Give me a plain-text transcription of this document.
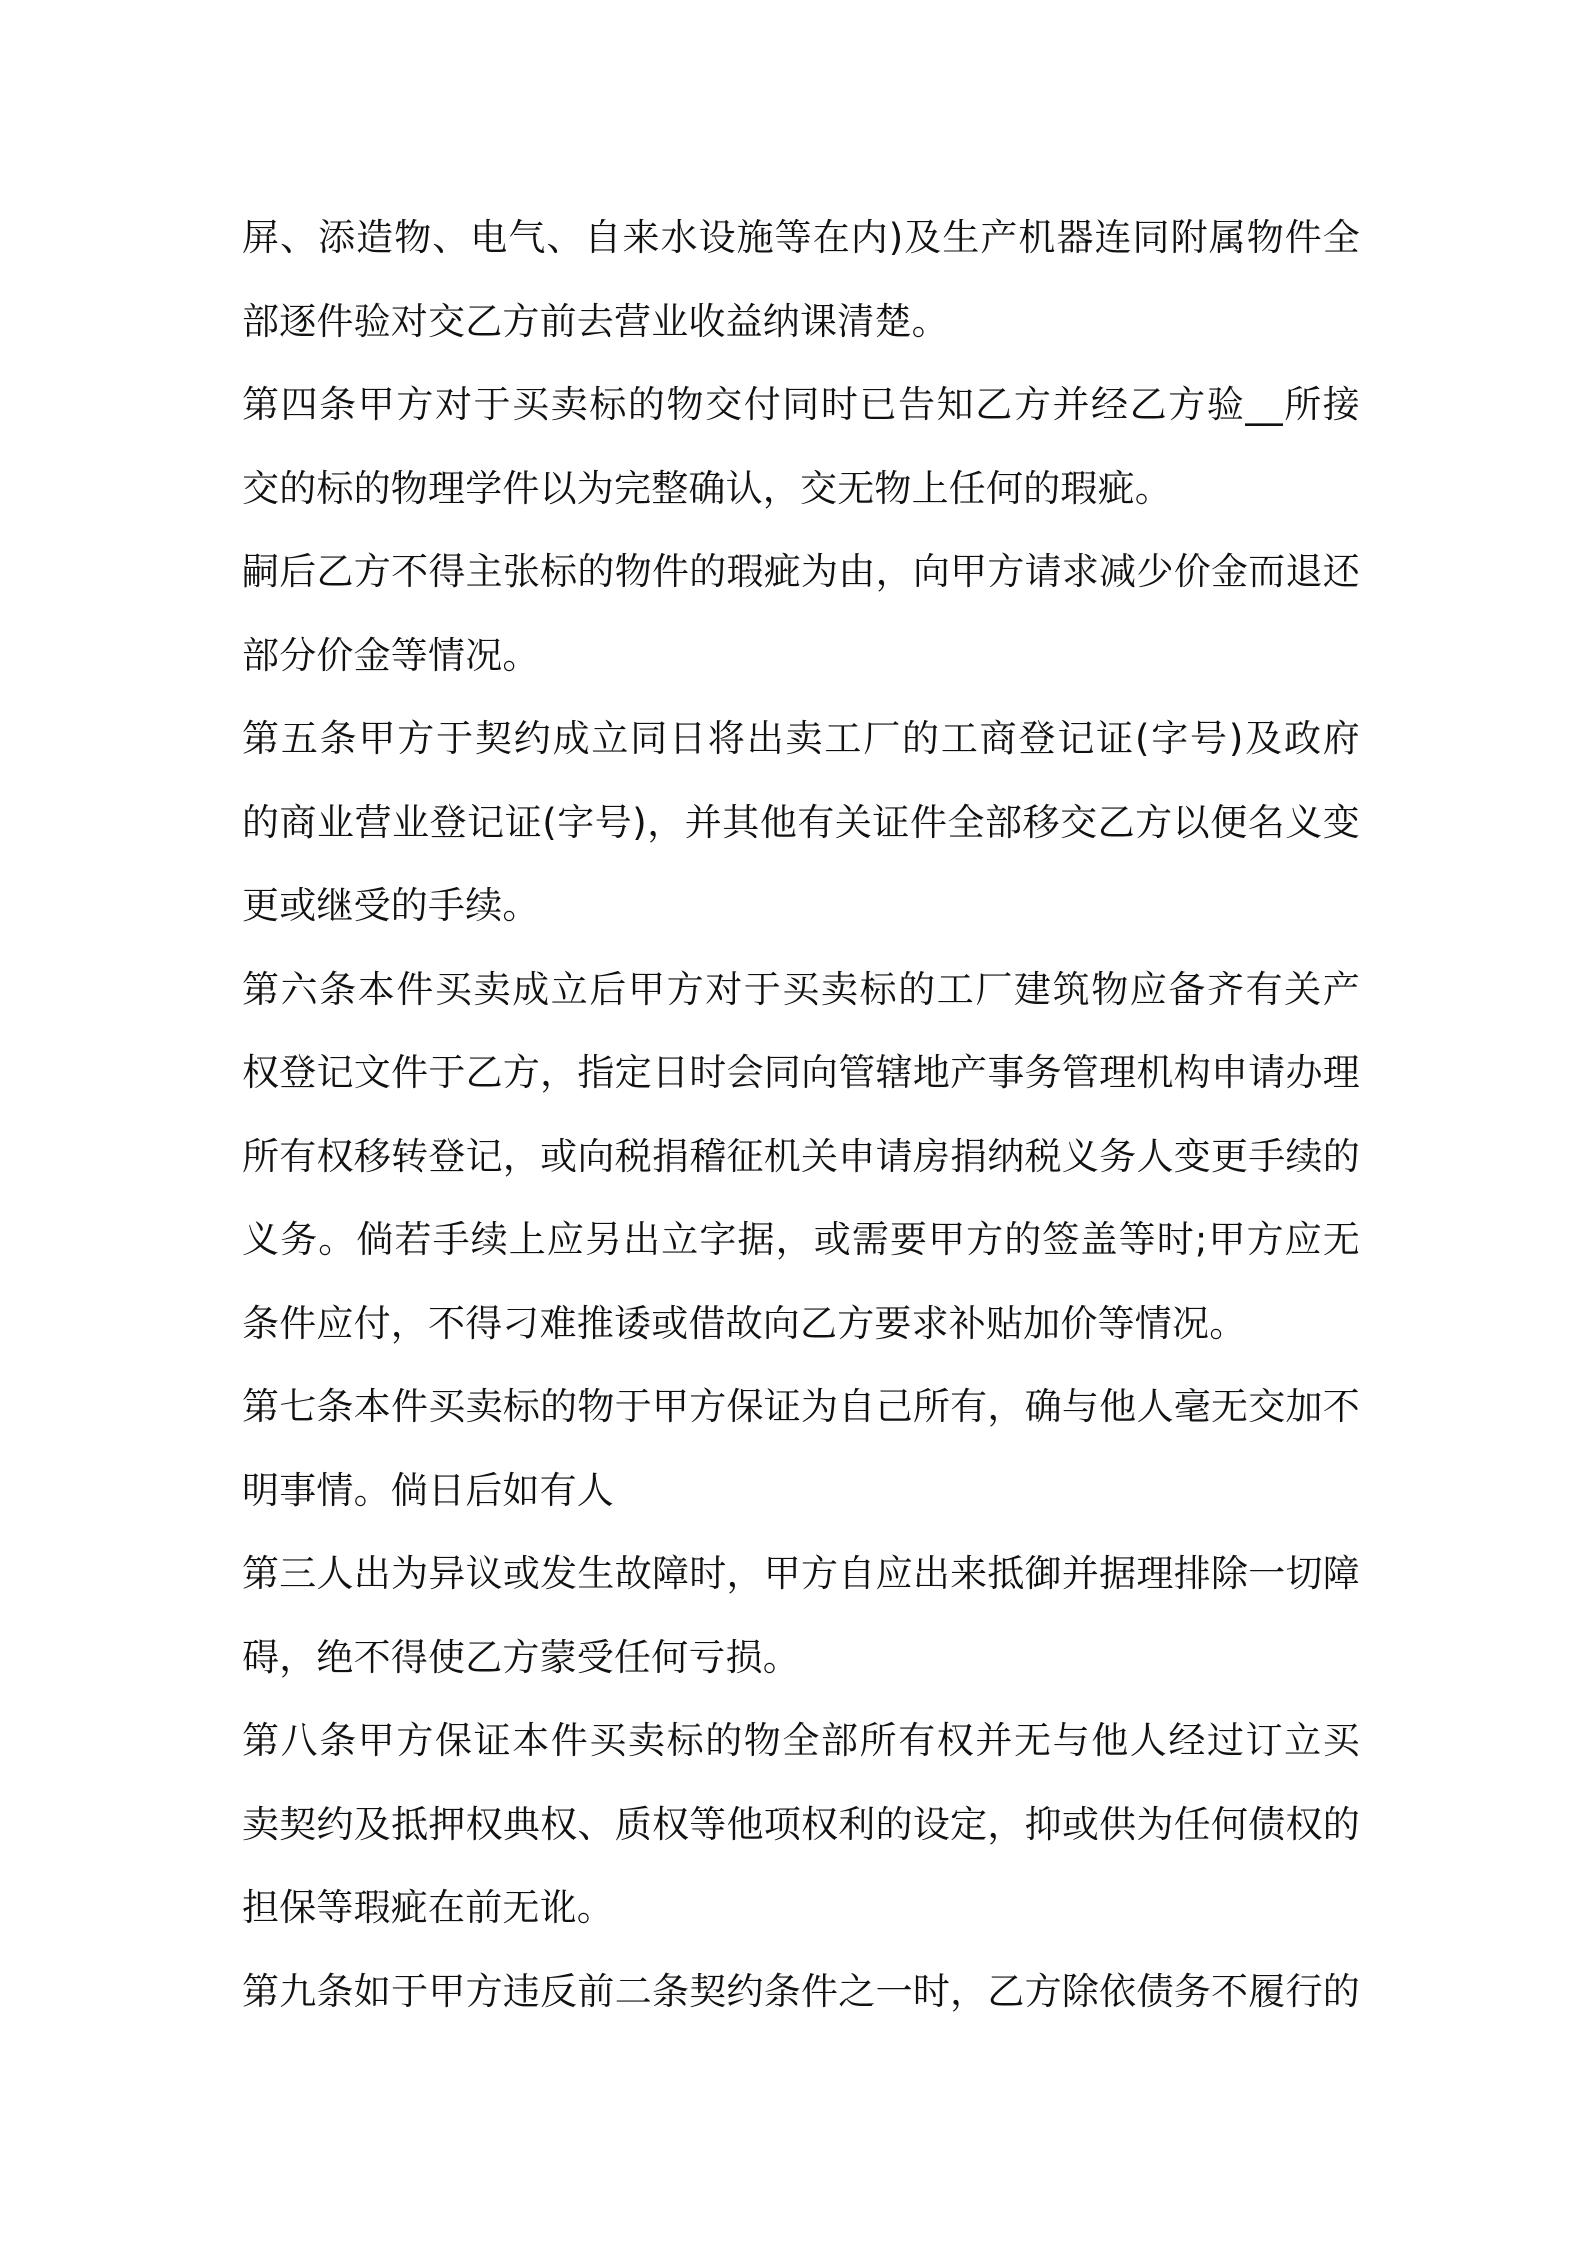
屏、添造物、电气、自来水设施等在内)及生产机器连同附属物件全
部逐件验对交乙方前去营业收益纳课清楚。
第四条甲方对于买卖标的物交付同时已告知乙方并经乙方验__所接
交的标的物理学件以为完整确认，交无物上任何的瑕疵。
嗣后乙方不得主张标的物件的瑕疵为由，向甲方请求减少价金而退还
部分价金等情况。
第五条甲方于契约成立同日将出卖工厂的工商登记证(字号)及政府
的商业营业登记证(字号)，并其他有关证件全部移交乙方以便名义变
更或继受的手续。
第六条本件买卖成立后甲方对于买卖标的工厂建筑物应备齐有关产
权登记文件于乙方，指定日时会同向管辖地产事务管理机构申请办理
所有权移转登记，或向税捐稽征机关申请房捐纳税义务人变更手续的
义务。倘若手续上应另出立字据，或需要甲方的签盖等时;甲方应无
条件应付，不得刁难推诿或借故向乙方要求补贴加价等情况。
第七条本件买卖标的物于甲方保证为自己所有，确与他人毫无交加不
明事情。倘日后如有人
第三人出为异议或发生故障时，甲方自应出来抵御并据理排除一切障
碍，绝不得使乙方蒙受任何亏损。
第八条甲方保证本件买卖标的物全部所有权并无与他人经过订立买
卖契约及抵押权典权、质权等他项权利的设定，抑或供为任何债权的
担保等瑕疵在前无讹。
第九条如于甲方违反前二条契约条件之一时，乙方除依债务不履行的
